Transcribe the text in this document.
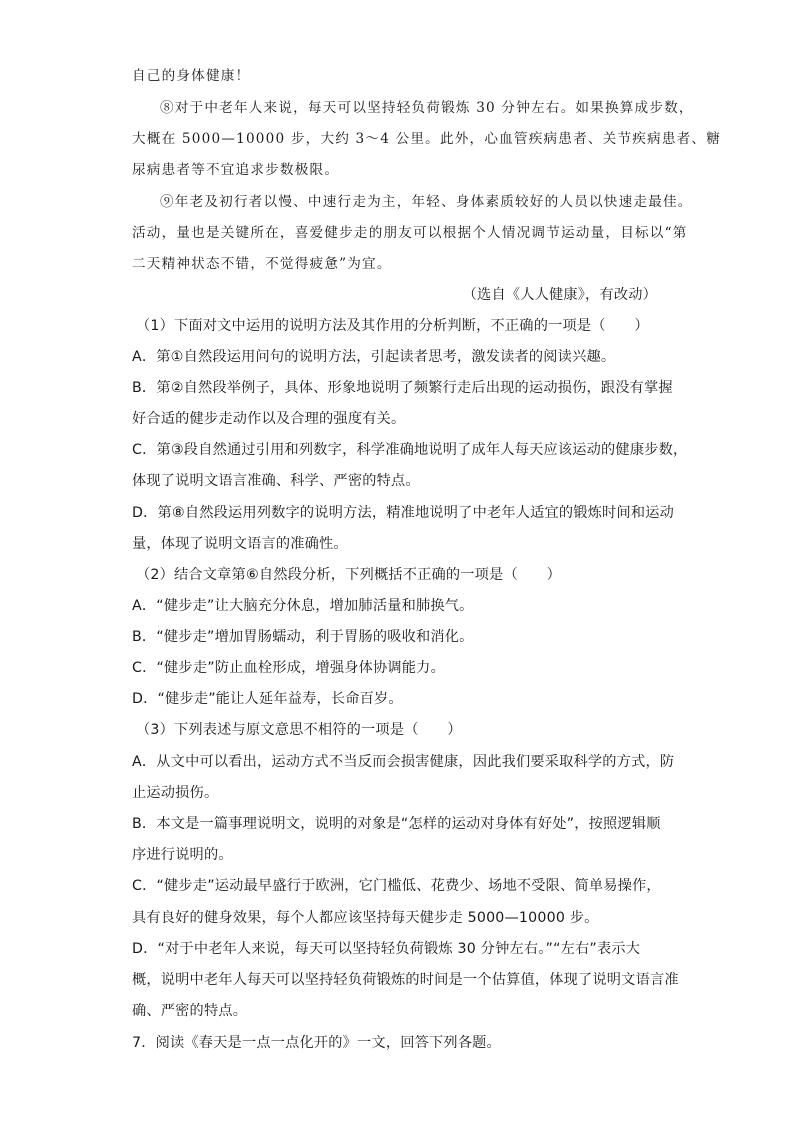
自己的身体健康！
⑧对于中老年人来说，每天可以坚持轻负荷锻炼 30 分钟左右。如果换算成步数，
大概在 5000—10000 步，大约 3～4 公里。此外，心血管疾病患者、关节疾病患者、糖
尿病患者等不宜追求步数极限。
⑨年老及初行者以慢、中速行走为主，年轻、身体素质较好的人员以快速走最佳。
活动，量也是关键所在，喜爱健步走的朋友可以根据个人情况调节运动量，目标以“第
二天精神状态不错，不觉得疲惫”为宜。
（选自《人人健康》，有改动）
（1）下面对文中运用的说明方法及其作用的分析判断，不正确的一项是（　　）
A．第①自然段运用问句的说明方法，引起读者思考，激发读者的阅读兴趣。
B．第②自然段举例子，具体、形象地说明了频繁行走后出现的运动损伤，跟没有掌握
好合适的健步走动作以及合理的强度有关。
C．第③段自然通过引用和列数字，科学准确地说明了成年人每天应该运动的健康步数，
体现了说明文语言准确、科学、严密的特点。
D．第⑧自然段运用列数字的说明方法，精准地说明了中老年人适宜的锻炼时间和运动
量，体现了说明文语言的准确性。
（2）结合文章第⑥自然段分析，下列概括不正确的一项是（　　）
A．“健步走”让大脑充分休息，增加肺活量和肺换气。
B．“健步走”增加胃肠蠕动，利于胃肠的吸收和消化。
C．“健步走”防止血栓形成，增强身体协调能力。
D．“健步走”能让人延年益寿，长命百岁。
（3）下列表述与原文意思不相符的一项是（　　）
A．从文中可以看出，运动方式不当反而会损害健康，因此我们要采取科学的方式，防
止运动损伤。
B．本文是一篇事理说明文，说明的对象是“怎样的运动对身体有好处”，按照逻辑顺
序进行说明的。
C．“健步走”运动最早盛行于欧洲，它门槛低、花费少、场地不受限、简单易操作，
具有良好的健身效果，每个人都应该坚持每天健步走 5000—10000 步。
D．“对于中老年人来说，每天可以坚持轻负荷锻炼 30 分钟左右。”“左右”表示大
概，说明中老年人每天可以坚持轻负荷锻炼的时间是一个估算值，体现了说明文语言准
确、严密的特点。
7．阅读《春天是一点一点化开的》一文，回答下列各题。
